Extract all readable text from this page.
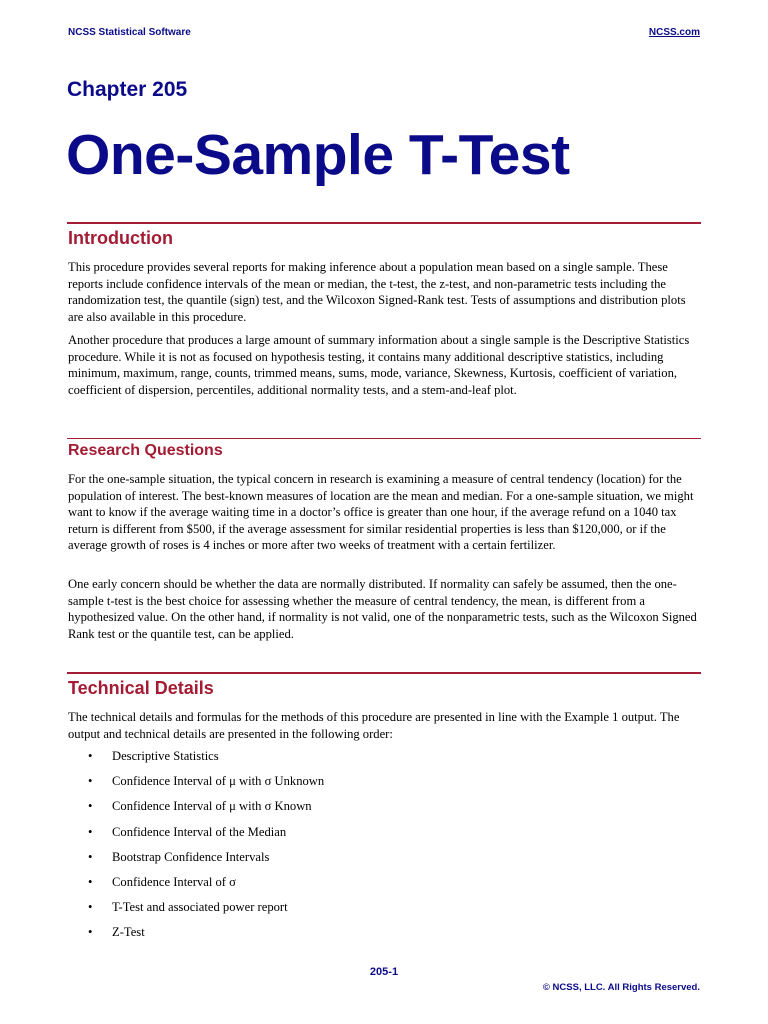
NCSS Statistical Software	NCSS.com
Chapter 205
One-Sample T-Test
Introduction

This procedure provides several reports for making inference about a population mean based on a single sample. These reports include confidence intervals of the mean or median, the t-test, the z-test, and non-parametric tests including the randomization test, the quantile (sign) test, and the Wilcoxon Signed-Rank test. Tests of assumptions and distribution plots are also available in this procedure.

Another procedure that produces a large amount of summary information about a single sample is the Descriptive Statistics procedure. While it is not as focused on hypothesis testing, it contains many additional descriptive statistics, including minimum, maximum, range, counts, trimmed means, sums, mode, variance, Skewness, Kurtosis, coefficient of variation, coefficient of dispersion, percentiles, additional normality tests, and a stem-and-leaf plot.

Research Questions

For the one-sample situation, the typical concern in research is examining a measure of central tendency (location) for the population of interest. The best-known measures of location are the mean and median. For a one-sample situation, we might want to know if the average waiting time in a doctor’s office is greater than one hour, if the average refund on a 1040 tax return is different from $500, if the average assessment for similar residential properties is less than $120,000, or if the average growth of roses is 4 inches or more after two weeks of treatment with a certain fertilizer.

One early concern should be whether the data are normally distributed. If normality can safely be assumed, then the one-sample t-test is the best choice for assessing whether the measure of central tendency, the mean, is different from a hypothesized value. On the other hand, if normality is not valid, one of the nonparametric tests, such as the Wilcoxon Signed Rank test or the quantile test, can be applied.

Technical Details

The technical details and formulas for the methods of this procedure are presented in line with the Example 1 output. The output and technical details are presented in the following order:

• Descriptive Statistics
• Confidence Interval of μ with σ Unknown
• Confidence Interval of μ with σ Known
• Confidence Interval of the Median
• Bootstrap Confidence Intervals
• Confidence Interval of σ
• T-Test and associated power report
• Z-Test
205-1
© NCSS, LLC. All Rights Reserved.
